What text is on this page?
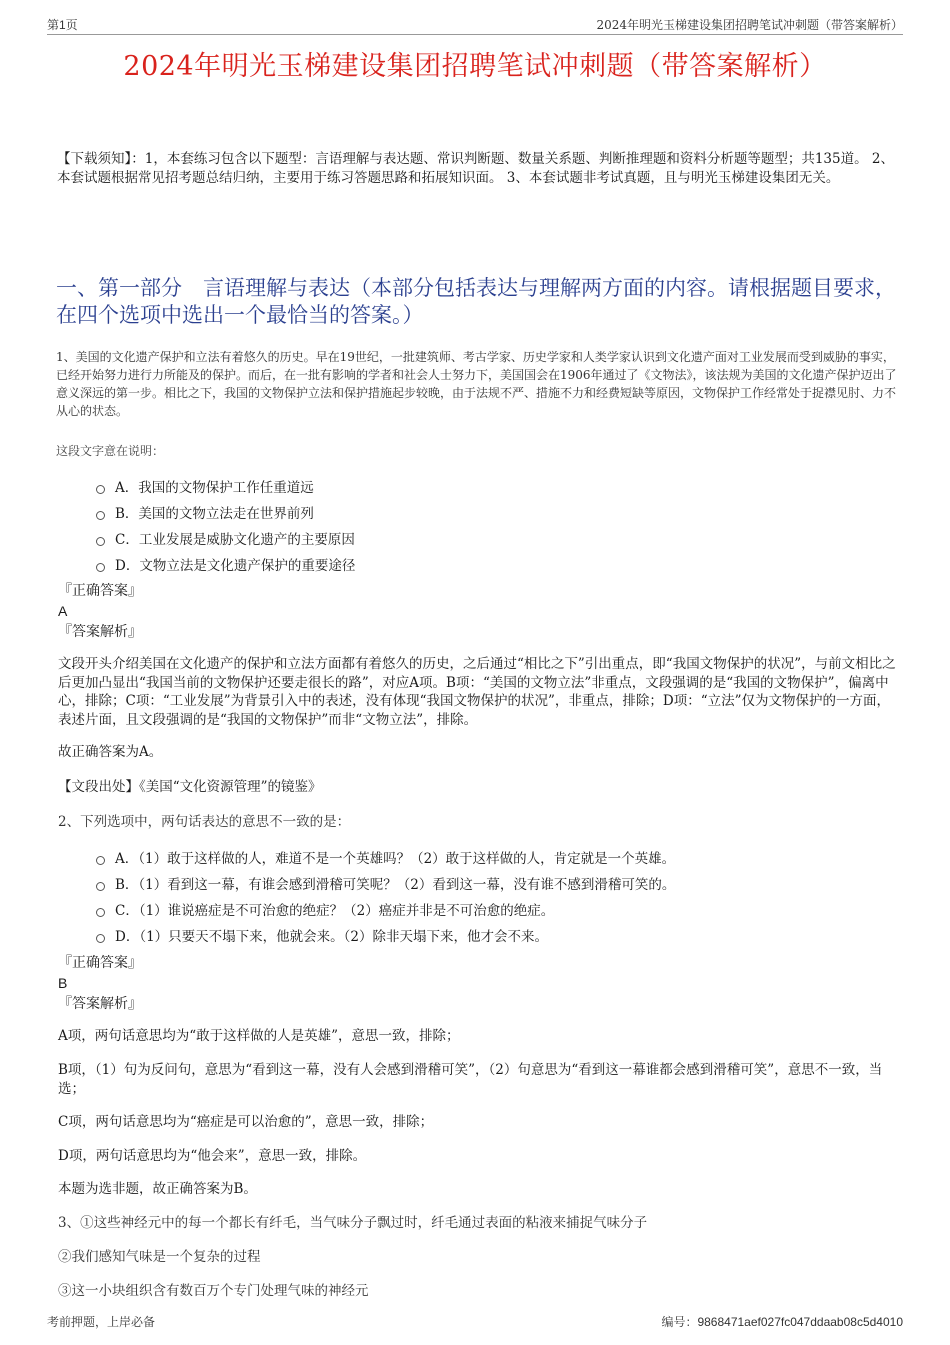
第1页	2024年明光玉梯建设集团招聘笔试冲刺题（带答案解析）
2024年明光玉梯建设集团招聘笔试冲刺题（带答案解析）
【下载须知】：1，本套练习包含以下题型：言语理解与表达题、常识判断题、数量关系题、判断推理题和资料分析题等题型；共135道。 2、本套试题根据常见招考题总结归纳，主要用于练习答题思路和拓展知识面。 3、本套试题非考试真题，且与明光玉梯建设集团无关。
一、第一部分　言语理解与表达（本部分包括表达与理解两方面的内容。请根据题目要求，在四个选项中选出一个最恰当的答案。）
1、美国的文化遗产保护和立法有着悠久的历史。早在19世纪，一批建筑师、考古学家、历史学家和人类学家认识到文化遗产面对工业发展而受到威胁的事实，已经开始努力进行力所能及的保护。而后，在一批有影响的学者和社会人士努力下，美国国会在1906年通过了《文物法》，该法规为美国的文化遗产保护迈出了意义深远的第一步。相比之下，我国的文物保护立法和保护措施起步较晚，由于法规不严、措施不力和经费短缺等原因，文物保护工作经常处于捉襟见肘、力不从心的状态。
这段文字意在说明：
A．我国的文物保护工作任重道远
B．美国的文物立法走在世界前列
C．工业发展是威胁文化遗产的主要原因
D．文物立法是文化遗产保护的重要途径
『正确答案』
A
『答案解析』
文段开头介绍美国在文化遗产的保护和立法方面都有着悠久的历史，之后通过“相比之下”引出重点，即“我国文物保护的状况”，与前文相比之后更加凸显出“我国当前的文物保护还要走很长的路”，对应A项。B项：“美国的文物立法”非重点，文段强调的是“我国的文物保护”，偏离中心，排除；C项：“工业发展”为背景引入中的表述，没有体现“我国文物保护的状况”，非重点，排除；D项：“立法”仅为文物保护的一方面，表述片面，且文段强调的是“我国的文物保护”而非“文物立法”，排除。
故正确答案为A。
【文段出处】《美国“文化资源管理”的镜鉴》
2、下列选项中，两句话表达的意思不一致的是：
A．（1）敢于这样做的人，难道不是一个英雄吗？（2）敢于这样做的人，肯定就是一个英雄。
B．（1）看到这一幕，有谁会感到滑稽可笑呢？（2）看到这一幕，没有谁不感到滑稽可笑的。
C．（1）谁说癌症是不可治愈的绝症？（2）癌症并非是不可治愈的绝症。
D．（1）只要天不塌下来，他就会来。（2）除非天塌下来，他才会不来。
『正确答案』
B
『答案解析』
A项，两句话意思均为“敢于这样做的人是英雄”，意思一致，排除；
B项，（1）句为反问句，意思为“看到这一幕，没有人会感到滑稽可笑”，（2）句意思为“看到这一幕谁都会感到滑稽可笑”，意思不一致，当选；
C项，两句话意思均为“癌症是可以治愈的”，意思一致，排除；
D项，两句话意思均为“他会来”，意思一致，排除。
本题为选非题，故正确答案为B。
3、①这些神经元中的每一个都长有纤毛，当气味分子飘过时，纤毛通过表面的粘液来捕捉气味分子
②我们感知气味是一个复杂的过程
③这一小块组织含有数百万个专门处理气味的神经元
考前押题，上岸必备	编号：9868471aef027fc047ddaab08c5d4010
